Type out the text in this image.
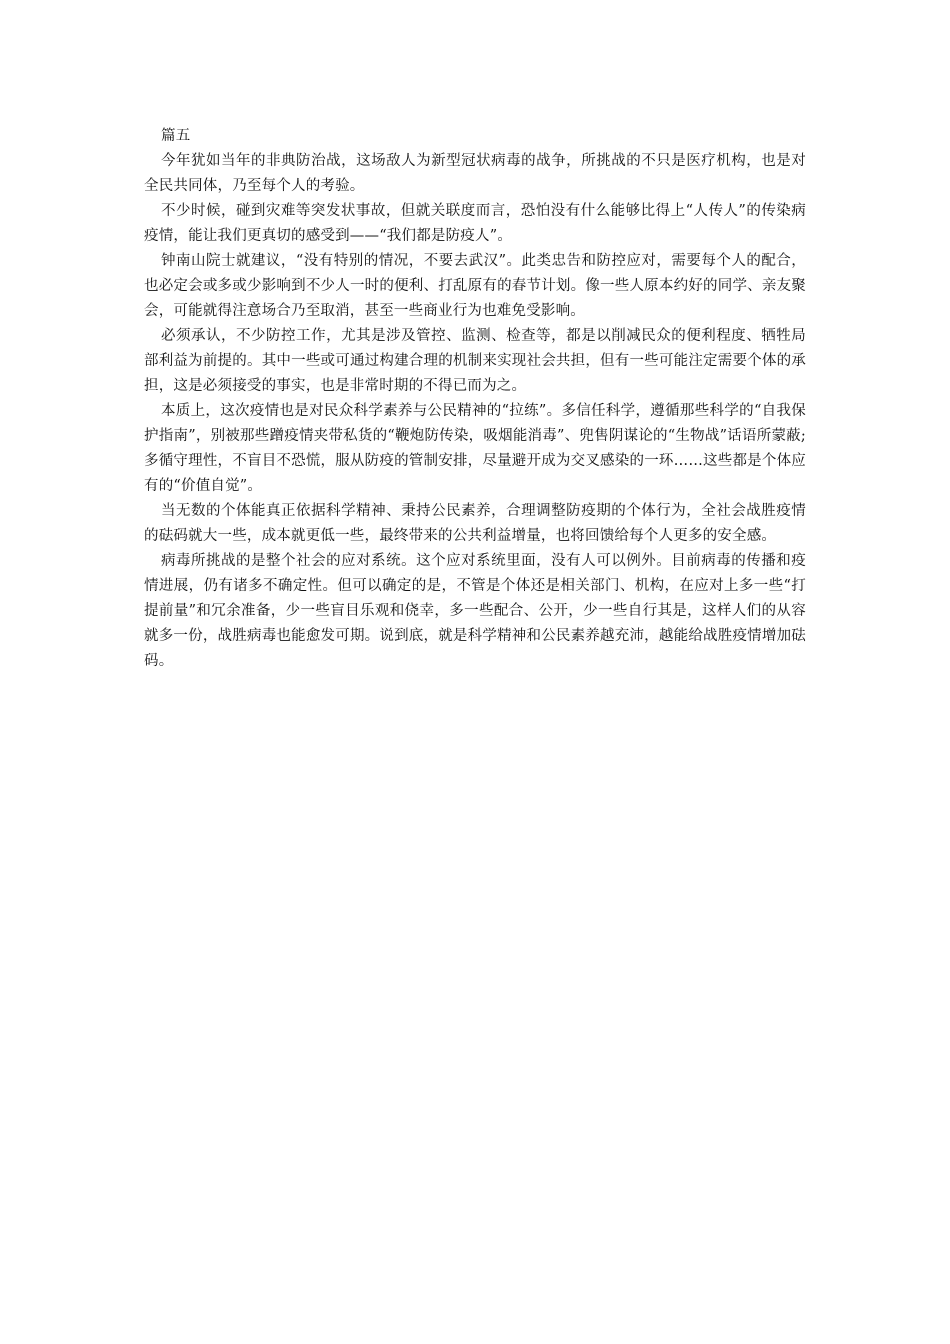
篇五

今年犹如当年的非典防治战，这场敌人为新型冠状病毒的战争，所挑战的不只是医疗机构，也是对全民共同体，乃至每个人的考验。

不少时候，碰到灾难等突发状事故，但就关联度而言，恐怕没有什么能够比得上“人传人”的传染病疫情，能让我们更真切的感受到——“我们都是防疫人”。

钟南山院士就建议，“没有特别的情况，不要去武汉”。此类忠告和防控应对，需要每个人的配合，也必定会或多或少影响到不少人一时的便利、打乱原有的春节计划。像一些人原本约好的同学、亲友聚会，可能就得注意场合乃至取消，甚至一些商业行为也难免受影响。

必须承认，不少防控工作，尤其是涉及管控、监测、检查等，都是以削减民众的便利程度、牺牲局部利益为前提的。其中一些或可通过构建合理的机制来实现社会共担，但有一些可能注定需要个体的承担，这是必须接受的事实，也是非常时期的不得已而为之。

本质上，这次疫情也是对民众科学素养与公民精神的“拉练”。多信任科学，遵循那些科学的“自我保护指南”，别被那些蹭疫情夹带私货的“鞭炮防传染，吸烟能消毒”、兜售阴谋论的“生物战”话语所蒙蔽;多循守理性，不盲目不恐慌，服从防疫的管制安排，尽量避开成为交叉感染的一环……这些都是个体应有的“价值自觉”。

当无数的个体能真正依据科学精神、秉持公民素养，合理调整防疫期的个体行为，全社会战胜疫情的砝码就大一些，成本就更低一些，最终带来的公共利益增量，也将回馈给每个人更多的安全感。

病毒所挑战的是整个社会的应对系统。这个应对系统里面，没有人可以例外。目前病毒的传播和疫情进展，仍有诸多不确定性。但可以确定的是，不管是个体还是相关部门、机构，在应对上多一些“打提前量”和冗余准备，少一些盲目乐观和侥幸，多一些配合、公开，少一些自行其是，这样人们的从容就多一份，战胜病毒也能愈发可期。说到底，就是科学精神和公民素养越充沛，越能给战胜疫情增加砝码。
